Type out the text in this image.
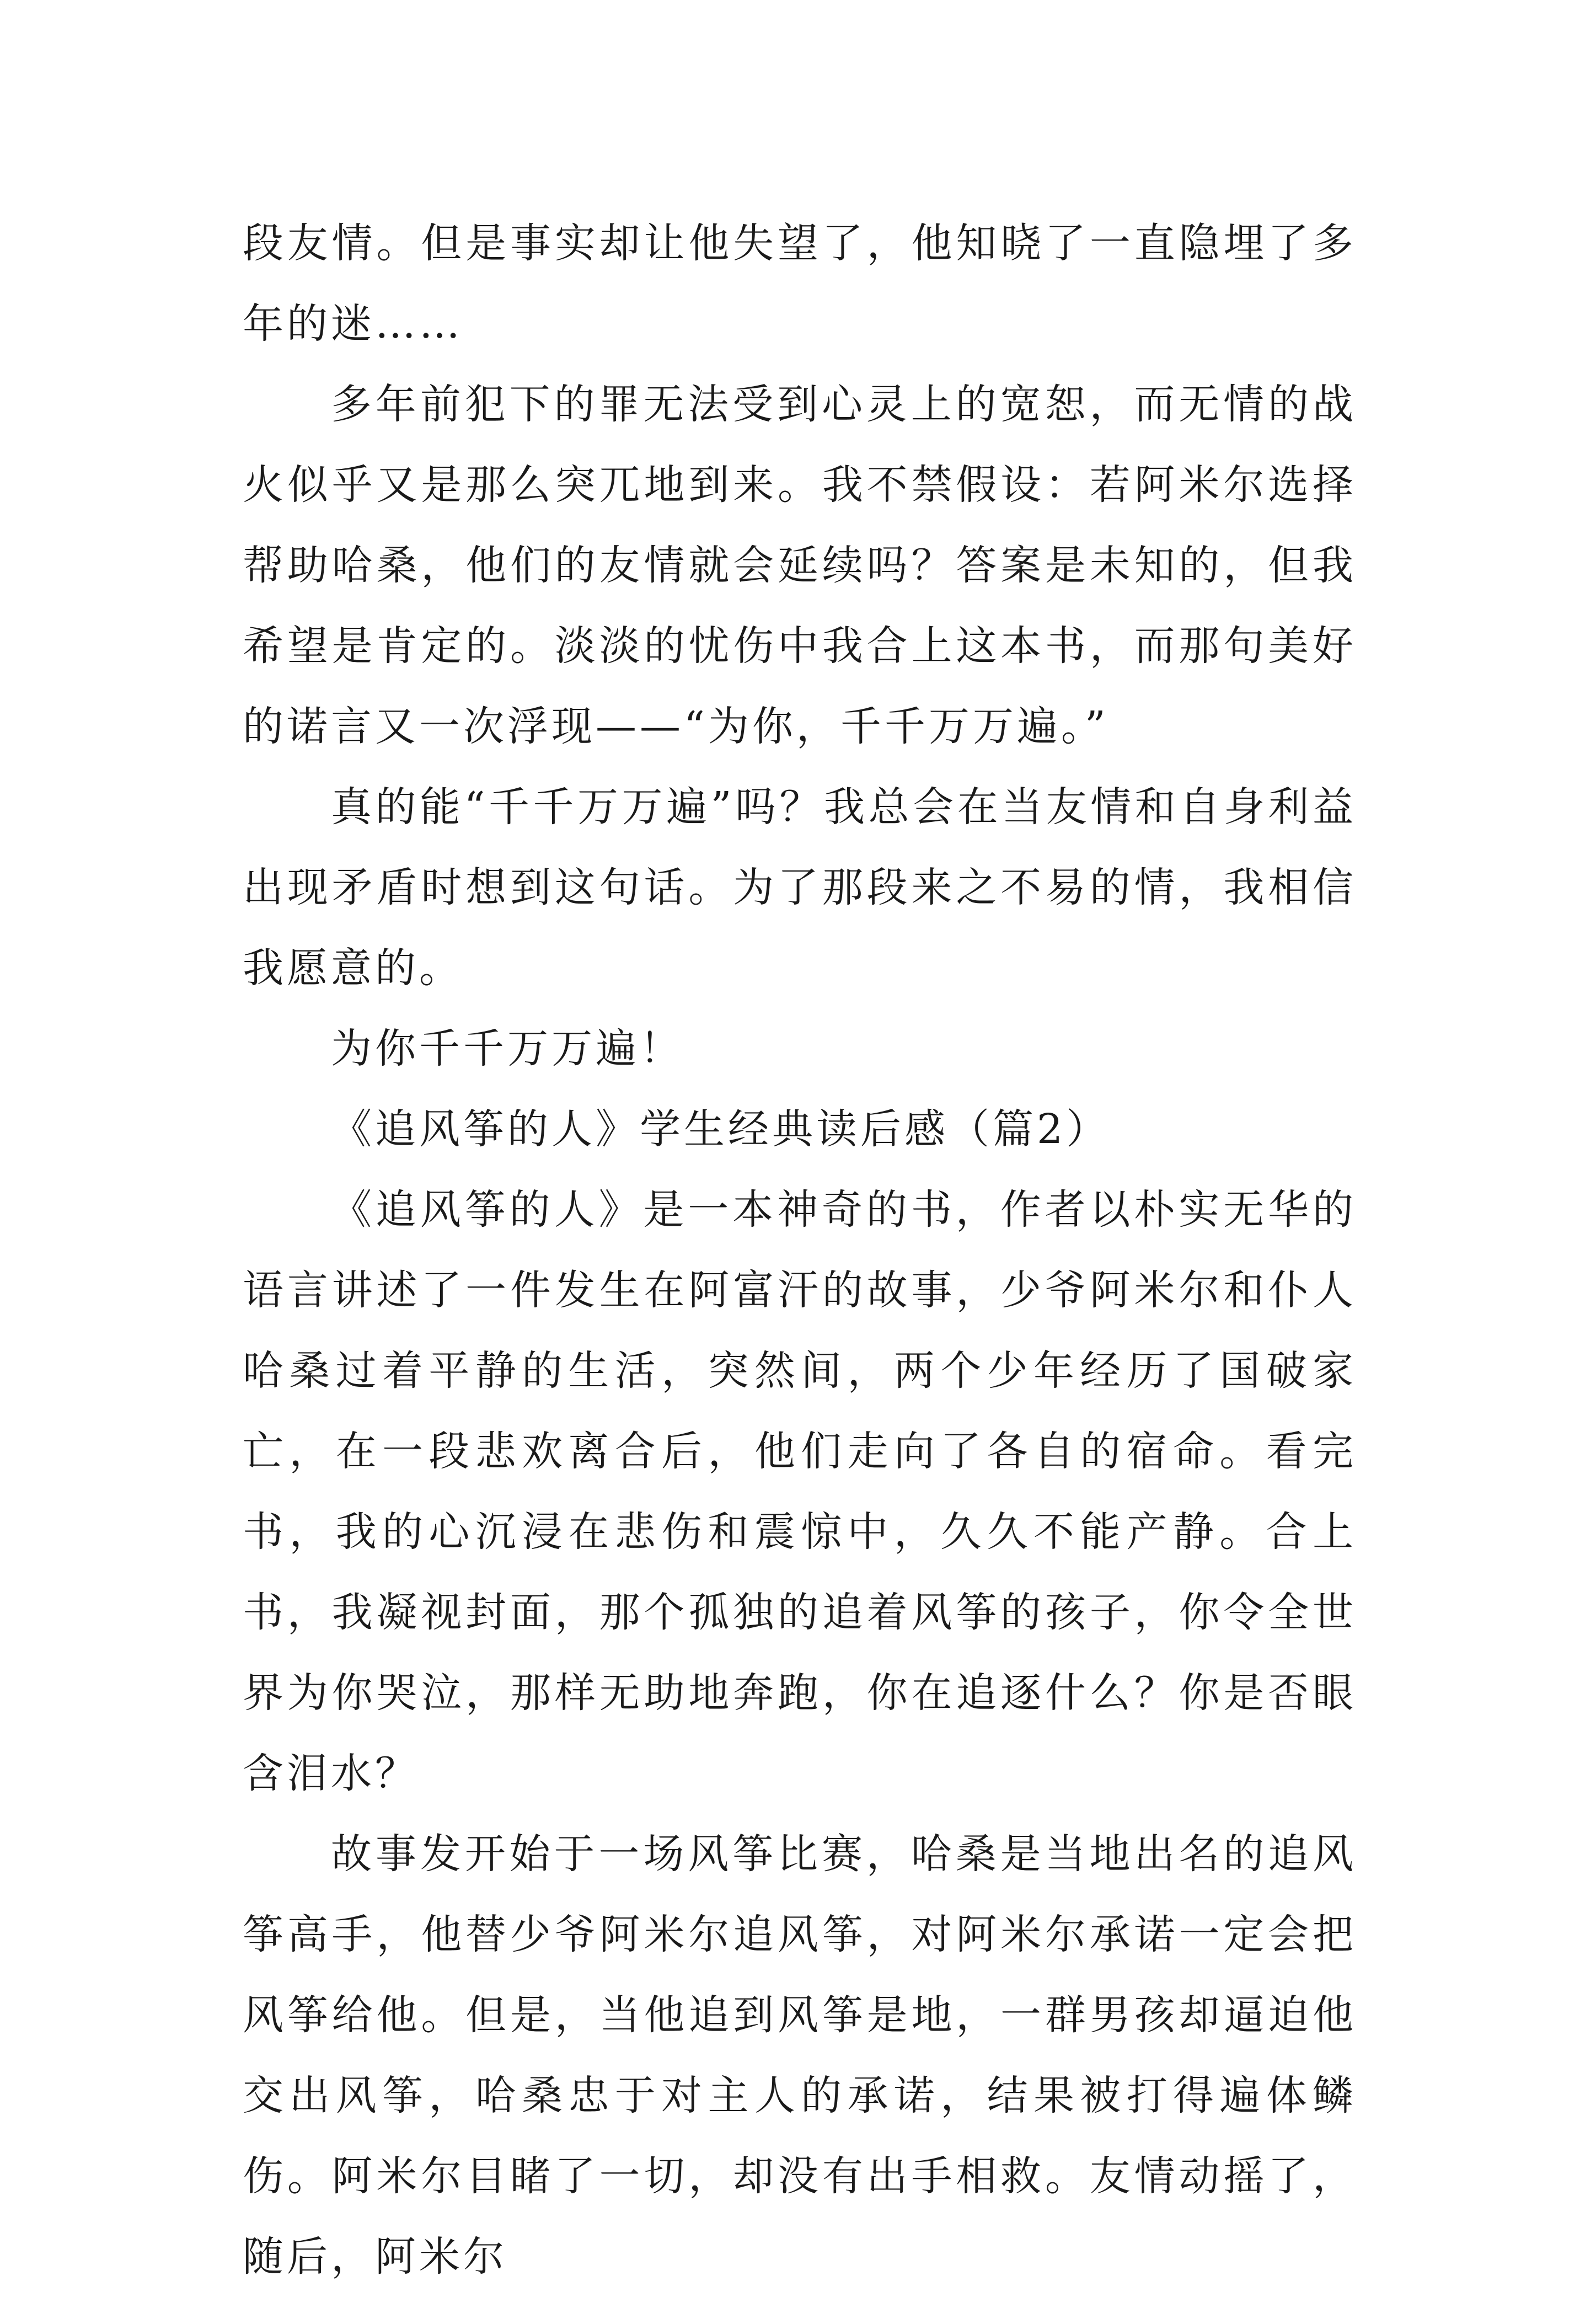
段友情。但是事实却让他失望了，他知晓了一直隐埋了多年的迷……

多年前犯下的罪无法受到心灵上的宽恕，而无情的战火似乎又是那么突兀地到来。我不禁假设：若阿米尔选择帮助哈桑，他们的友情就会延续吗？答案是未知的，但我希望是肯定的。淡淡的忧伤中我合上这本书，而那句美好的诺言又一次浮现——“为你，千千万万遍。”

真的能“千千万万遍”吗？我总会在当友情和自身利益出现矛盾时想到这句话。为了那段来之不易的情，我相信我愿意的。

为你千千万万遍！

《追风筝的人》学生经典读后感（篇2）

《追风筝的人》是一本神奇的书，作者以朴实无华的语言讲述了一件发生在阿富汗的故事，少爷阿米尔和仆人哈桑过着平静的生活，突然间，两个少年经历了国破家亡，在一段悲欢离合后，他们走向了各自的宿命。看完书，我的心沉浸在悲伤和震惊中，久久不能产静。合上书，我凝视封面，那个孤独的追着风筝的孩子，你令全世界为你哭泣，那样无助地奔跑，你在追逐什么？你是否眼含泪水？

故事发开始于一场风筝比赛，哈桑是当地出名的追风筝高手，他替少爷阿米尔追风筝，对阿米尔承诺一定会把风筝给他。但是，当他追到风筝是地，一群男孩却逼迫他交出风筝，哈桑忠于对主人的承诺，结果被打得遍体鳞伤。阿米尔目睹了一切，却没有出手相救。友情动摇了，随后，阿米尔
